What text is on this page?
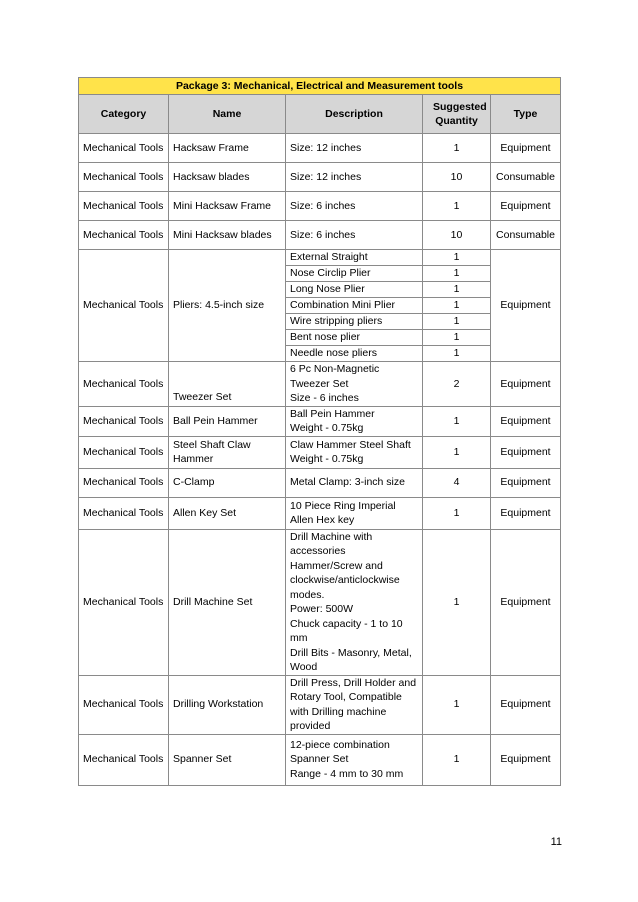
Package 3: Mechanical, Electrical and Measurement tools				
Category	Name	Description	Suggested Quantity	Type
Mechanical Tools	Hacksaw Frame	Size: 12 inches	1	Equipment
Mechanical Tools	Hacksaw blades	Size: 12 inches	10	Consumable
Mechanical Tools	Mini Hacksaw Frame	Size: 6 inches	1	Equipment
Mechanical Tools	Mini Hacksaw blades	Size: 6 inches	10	Consumable
Mechanical Tools	Pliers: 4.5-inch size	External Straight	1	Equipment
		Nose Circlip Plier	1	
		Long Nose Plier	1	
		Combination Mini Plier	1	
		Wire stripping pliers	1	
		Bent nose plier	1	
		Needle nose pliers	1	
Mechanical Tools	Tweezer Set	6 Pc Non-Magnetic Tweezer Set
Size - 6 inches	2	Equipment
Mechanical Tools	Ball Pein Hammer	Ball Pein Hammer
Weight - 0.75kg	1	Equipment
Mechanical Tools	Steel Shaft Claw Hammer	Claw Hammer Steel Shaft
Weight - 0.75kg	1	Equipment
Mechanical Tools	C-Clamp	Metal Clamp: 3-inch size	4	Equipment
Mechanical Tools	Allen Key Set	10 Piece Ring Imperial Allen Hex key	1	Equipment
Mechanical Tools	Drill Machine Set	Drill Machine with accessories
Hammer/Screw and clockwise/anticlockwise modes.
Power: 500W
Chuck capacity - 1 to 10 mm
Drill Bits - Masonry, Metal, Wood	1	Equipment
Mechanical Tools	Drilling Workstation	Drill Press, Drill Holder and Rotary Tool, Compatible with Drilling machine provided	1	Equipment
Mechanical Tools	Spanner Set	12-piece combination Spanner Set
Range - 4 mm to 30 mm	1	Equipment
11
